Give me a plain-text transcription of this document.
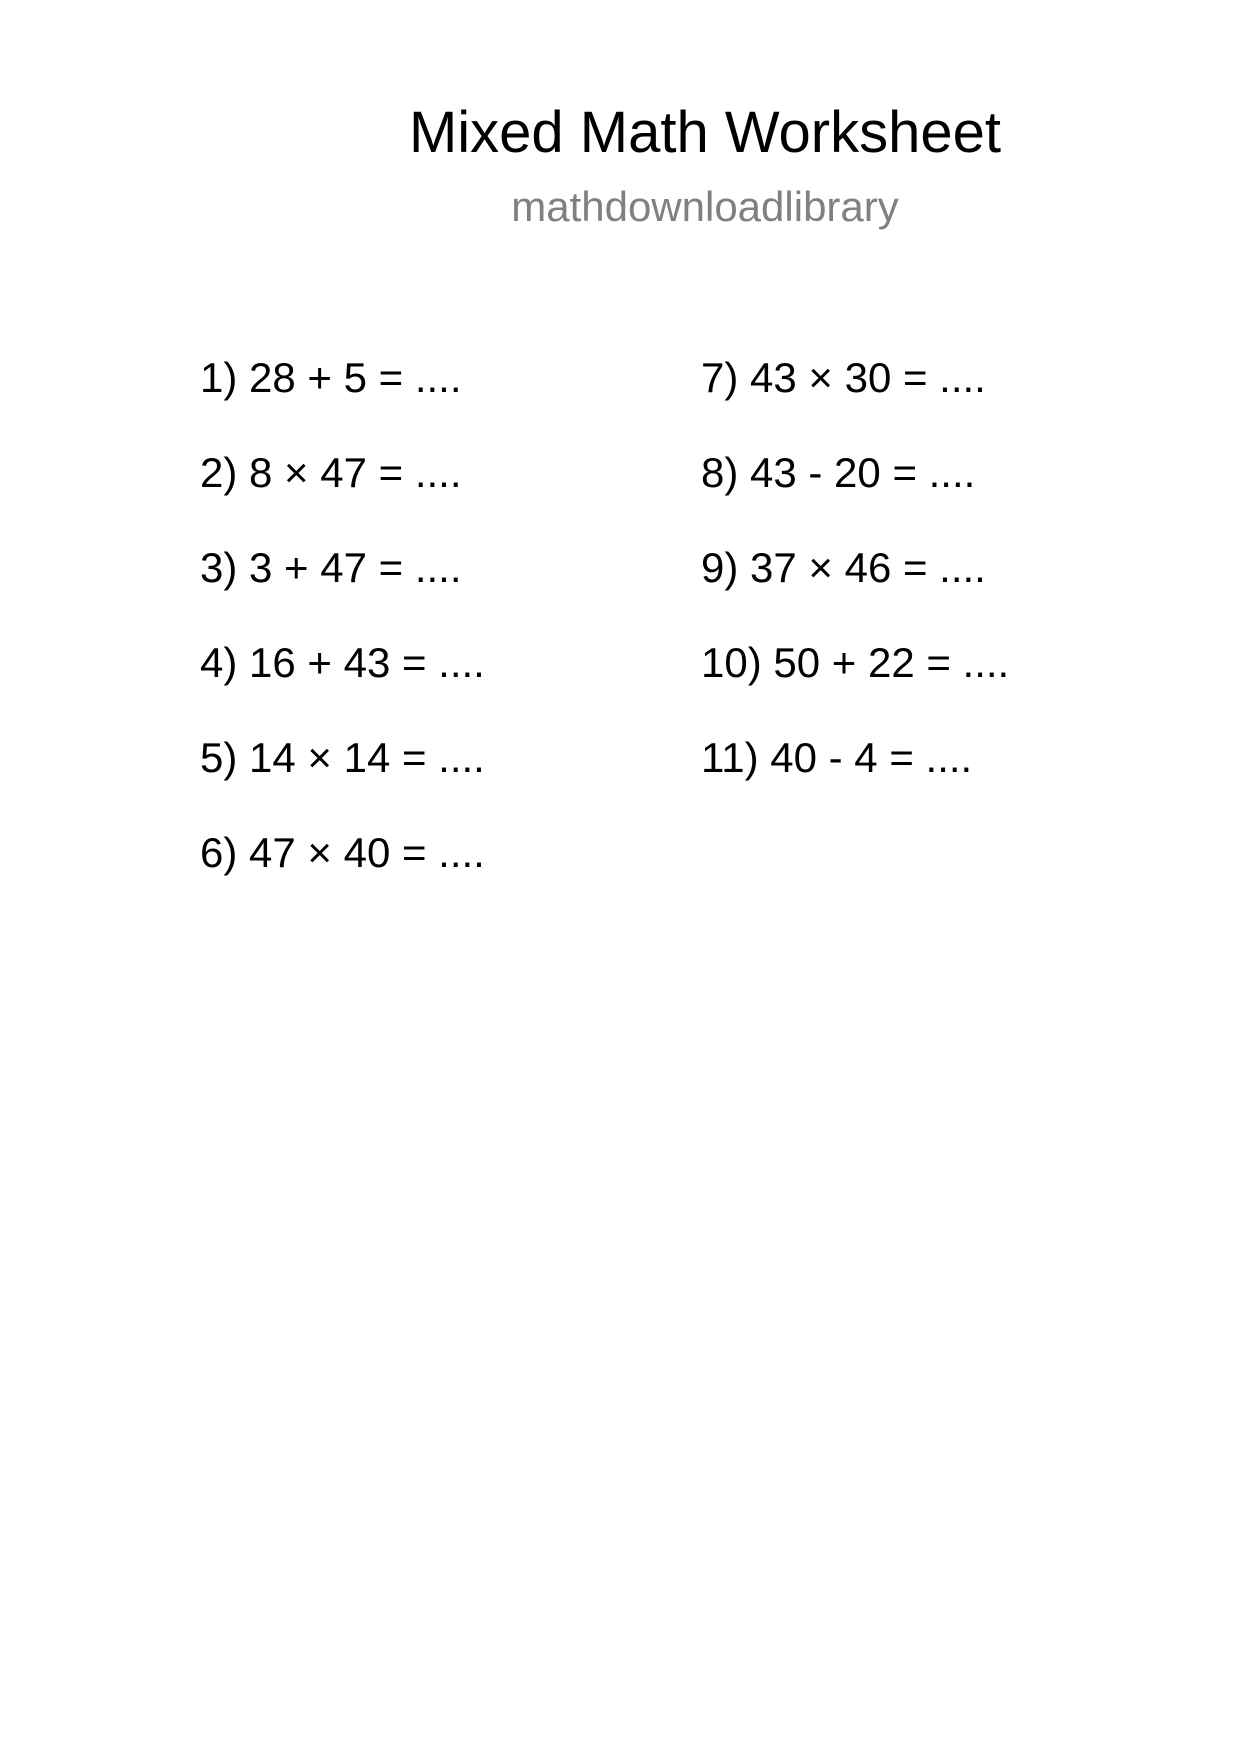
Mixed Math Worksheet
mathdownloadlibrary
1) 28 + 5 = ....
2) 8 × 47 = ....
3) 3 + 47 = ....
4) 16 + 43 = ....
5) 14 × 14 = ....
6) 47 × 40 = ....
7) 43 × 30 = ....
8) 43 - 20 = ....
9) 37 × 46 = ....
10) 50 + 22 = ....
11) 40 - 4 = ....
